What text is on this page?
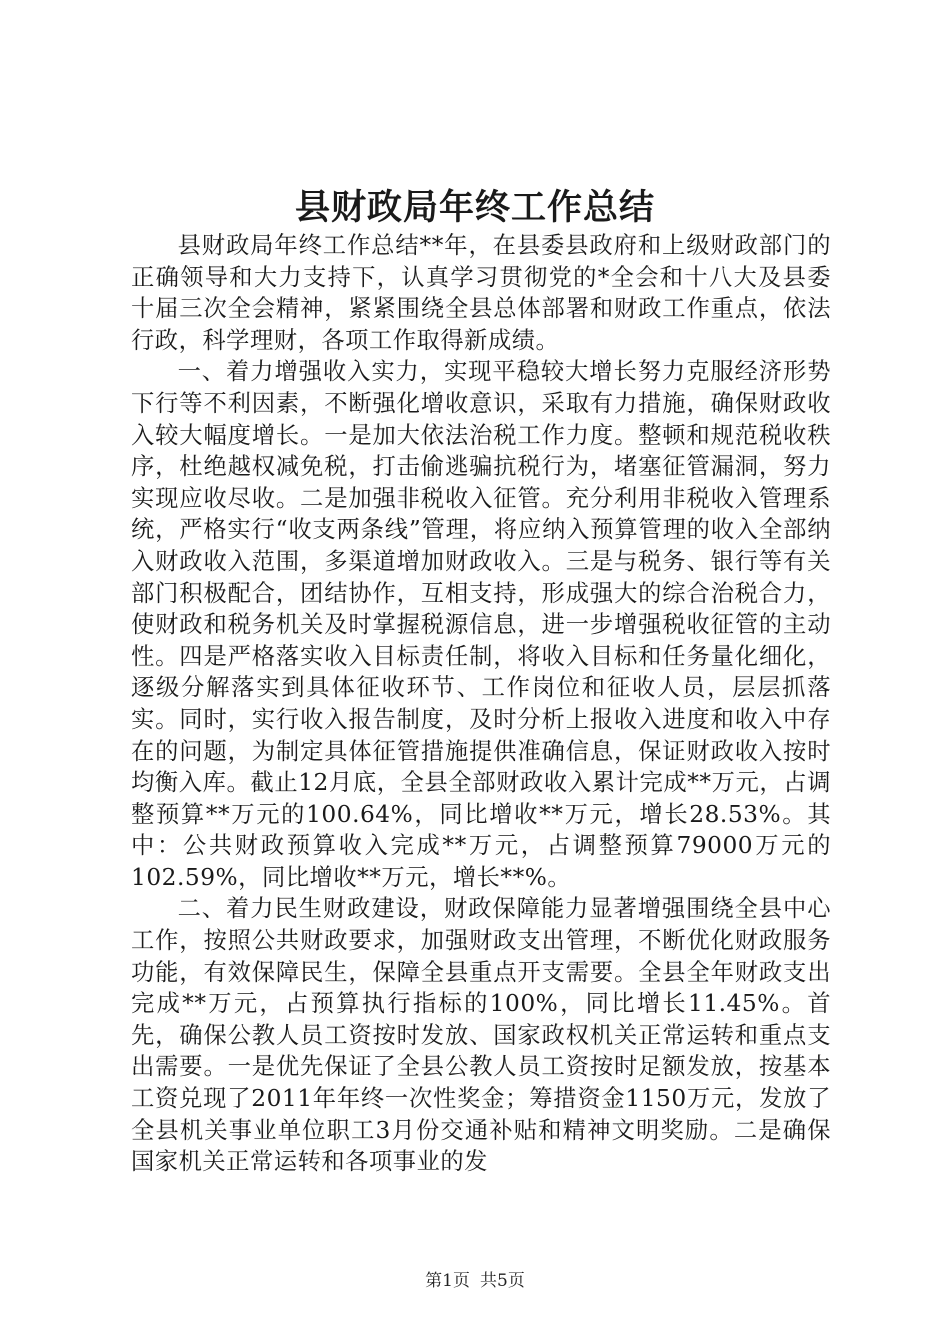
县财政局年终工作总结

县财政局年终工作总结**年，在县委县政府和上级财政部门的正确领导和大力支持下，认真学习贯彻党的*全会和十八大及县委十届三次全会精神，紧紧围绕全县总体部署和财政工作重点，依法行政，科学理财，各项工作取得新成绩。

一、着力增强收入实力，实现平稳较大增长努力克服经济形势下行等不利因素，不断强化增收意识，采取有力措施，确保财政收入较大幅度增长。一是加大依法治税工作力度。整顿和规范税收秩序，杜绝越权减免税，打击偷逃骗抗税行为，堵塞征管漏洞，努力实现应收尽收。二是加强非税收入征管。充分利用非税收入管理系统，严格实行“收支两条线”管理，将应纳入预算管理的收入全部纳入财政收入范围，多渠道增加财政收入。三是与税务、银行等有关部门积极配合，团结协作，互相支持，形成强大的综合治税合力，使财政和税务机关及时掌握税源信息，进一步增强税收征管的主动性。四是严格落实收入目标责任制，将收入目标和任务量化细化，逐级分解落实到具体征收环节、工作岗位和征收人员，层层抓落实。同时，实行收入报告制度，及时分析上报收入进度和收入中存在的问题，为制定具体征管措施提供准确信息，保证财政收入按时均衡入库。截止12月底，全县全部财政收入累计完成**万元，占调整预算**万元的100.64%，同比增收**万元，增长28.53%。其中：公共财政预算收入完成**万元，占调整预算79000万元的102.59%，同比增收**万元，增长**%。

二、着力民生财政建设，财政保障能力显著增强围绕全县中心工作，按照公共财政要求，加强财政支出管理，不断优化财政服务功能，有效保障民生，保障全县重点开支需要。全县全年财政支出完成**万元，占预算执行指标的100%，同比增长11.45%。首先，确保公教人员工资按时发放、国家政权机关正常运转和重点支出需要。一是优先保证了全县公教人员工资按时足额发放，按基本工资兑现了2011年年终一次性奖金；筹措资金1150万元，发放了全县机关事业单位职工3月份交通补贴和精神文明奖励。二是确保国家机关正常运转和各项事业的发

第1页 共5页
